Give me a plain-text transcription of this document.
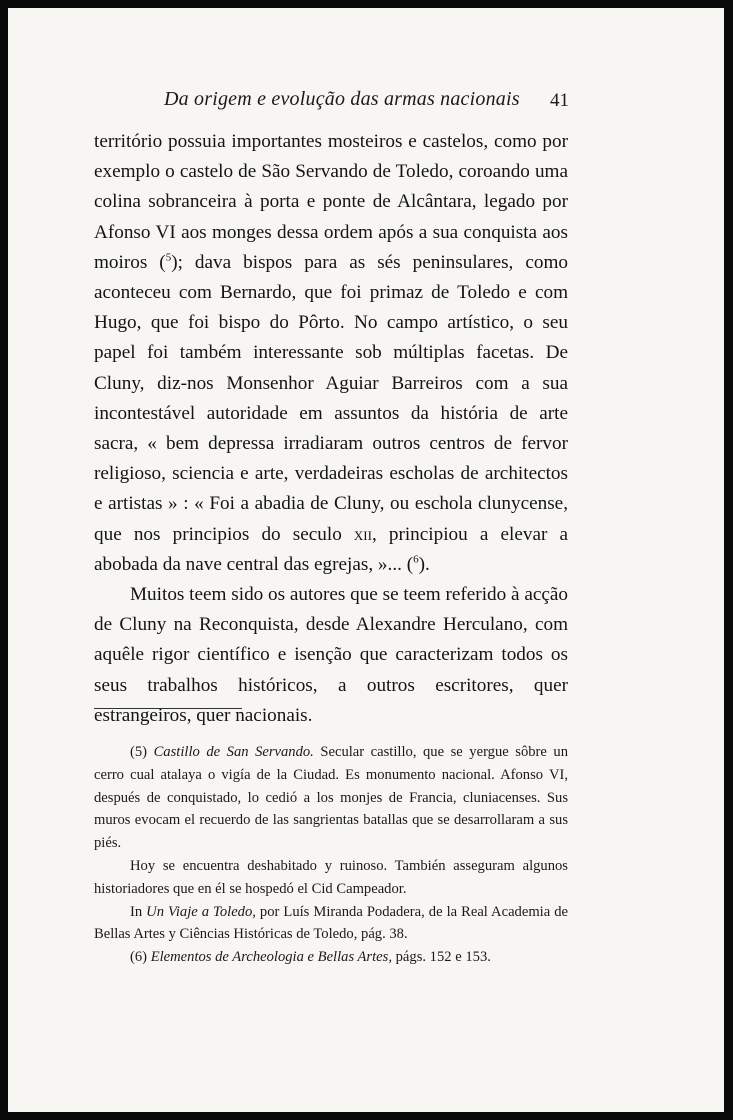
Da origem e evolução das armas nacionais 41

território possuia importantes mosteiros e castelos, como por exemplo o castelo de São Servando de Toledo, coroando uma colina sobranceira à porta e ponte de Alcântara, legado por Afonso VI aos monges dessa ordem após a sua conquista aos moiros ($^5$); dava bispos para as sés peninsulares, como aconteceu com Bernardo, que foi primaz de Toledo e com Hugo, que foi bispo do Pôrto. No campo artístico, o seu papel foi também interessante sob múltiplas facetas. De Cluny, diz-nos Monsenhor Aguiar Barreiros com a sua incontestável autoridade em assuntos da história de arte sacra, « bem depressa irradiaram outros centros de fervor religioso, sciencia e arte, verdadeiras escholas de architectos e artistas » : « Foi a abadia de Cluny, ou eschola clunycense, que nos principios do seculo xii, principiou a elevar a abobada da nave central das egrejas, »... ($^6$).

Muitos teem sido os autores que se teem referido à acção de Cluny na Reconquista, desde Alexandre Herculano, com aquêle rigor científico e isenção que caracterizam todos os seus trabalhos históricos, a outros escritores, quer estrangeiros, quer nacionais.

(5) Castillo de San Servando. Secular castillo, que se yergue sôbre un cerro cual atalaya o vigía de la Ciudad. Es monumento nacional. Afonso VI, después de conquistado, lo cedió a los monjes de Francia, cluniacenses. Sus muros evocam el recuerdo de las sangrientas batallas que se desarrollaram a sus piés.

Hoy se encuentra deshabitado y ruinoso. También asseguram algunos historiadores que en él se hospedó el Cid Campeador.

In Un Viaje a Toledo, por Luís Miranda Podadera, de la Real Academia de Bellas Artes y Ciências Históricas de Toledo, pág. 38.

(6) Elementos de Archeologia e Bellas Artes, págs. 152 e 153.
